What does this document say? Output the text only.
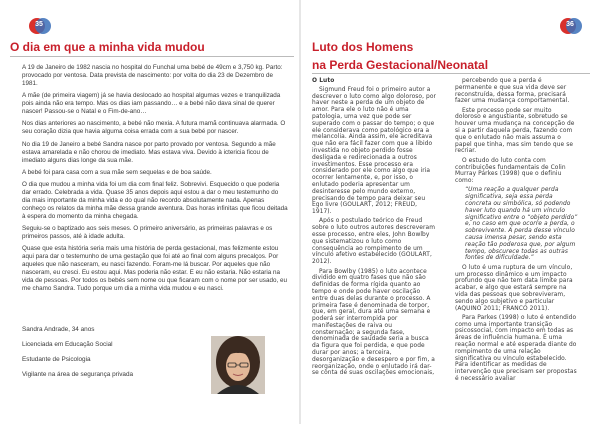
35
O dia em que a minha vida mudou

A 19 de Janeiro de 1982 nascia no hospital do Funchal uma bebé de 49cm e 3,750 kg. Parto: provocado por ventosa. Data prevista de nascimento: por volta do dia 23 de Dezembro de 1981.

A mãe (de primeira viagem) já se havia deslocado ao hospital algumas vezes e tranquilizada pois ainda não era tempo. Mas os dias iam passando… e a bebé não dava sinal de querer nascer! Passou-se o Natal e o Fim-de-ano…

Nos dias anteriores ao nascimento, a bebé não mexia. A futura mamã continuava alarmada. O seu coração dizia que havia alguma coisa errada com a sua bebé por nascer.

No dia 19 de Janeiro a bebé Sandra nasce por parto provado por ventosa. Segundo a mãe estava amarelada e não chorou de imediato. Mas estava viva. Devido à ictericia ficou de imediato alguns dias longe da sua mãe.

A bebé foi para casa com a sua mãe sem sequelas e de boa saúde.

O dia que mudou a minha vida foi um dia com final feliz. Sobrevivi. Esquecido o que poderia dar errado. Celebrada a vida. Quase 35 anos depois aqui estou a dar o meu testemunho do dia mais importante da minha vida e do qual não recordo absolutamente nada. Apenas conheço os relatos da minha mãe dessa grande aventura. Das horas infinitas que ficou deitada à espera do momento da minha chegada.

Seguiu-se o baptizado aos seis meses. O primeiro aniversário, as primeiras palavras e os primeiros passos, até à idade adulta.

Quase que esta história seria mais uma história de perda gestacional, mas felizmente estou aqui para dar o testemunho de uma gestação que foi até ao final com alguns precalços. Por aqueles que não nasceram, eu nasci fazendo. Foram-me lá buscar. Por aqueles que não nasceram, eu cresci. Eu estou aqui. Mas poderia não estar. E eu não estaria. Não estaria na vida de pessoas. Por todos os bebés sem nome ou que ficaram com o nome por ser usado, eu me chamo Sandra. Tudo porque um dia a minha vida mudou e eu nasci.

Sandra Andrade, 34 anos
Licenciada em Educação Social
Estudante de Psicologia
Vigilante na área de segurança privada
36
Luto dos Homens
na Perda Gestacional/Neonatal
O Luto

Sigmund Freud foi o primeiro autor a descrever o luto como algo doloroso, por haver neste a perda de um objeto de amor. Para ele o luto não é uma patologia, uma vez que pode ser superado com o passar do tempo; o que ele considerava como patológico era a melancolia. Ainda assim, ele acreditava que não era fácil fazer com que a libido investida no objeto perdido fosse desligada e redirecionada a outros investimentos. Esse processo era considerado por ele como algo que iria ocorrer lentamente, e, por isso, o enlutado poderia apresentar um desinteresse pelo mundo externo, precisando de tempo para deixar seu Ego livre (GOULART, 2012; FREUD, 1917).

Após o postulado teórico de Freud sobre o luto outros autores descreveram esse processo, entre eles, John Bowlby que sistematizou o luto como consequência ao rompimento de um vínculo afetivo estabelecido (GOULART, 2012).

Para Bowlby (1985) o luto acontece dividido em quatro fases que não são definidas de forma rígida quanto ao tempo e onde pode haver oscilação entre duas delas durante o processo. A primeira fase é denominada de torpor, que, em geral, dura até uma semana e poderá ser interrompida por manifestações de raiva ou consternação; a segunda fase, denominada de saudade seria a busca da figura que foi perdida, e que pode durar por anos; a terceira, desorganização e desespero e por fim, a reorganização, onde o enlutado irá dar-se conta de suas oscilações emocionais,

percebendo que a perda é permanente e que sua vida deve ser reconstruída, dessa forma, precisará fazer uma mudança comportamental.

Este processo pode ser muito doloroso e angustiante, sobretudo se houver uma mudança na concepção de si a partir daquela perda, fazendo com que o enlutado não mais assuma o papel que tinha, mas sim tendo que se recriar.

O estudo do luto conta com contribuições fundamentais de Colin Murray Parkes (1998) que o definiu como:

“Uma reação a qualquer perda significativa, seja essa perda concreta ou simbólica, só podendo haver luto quando há um vínculo significativo entre o “objeto perdido” e, no caso em que ocorre a perda, o sobrevivente. A perda desse vínculo causa imensa pesar, sendo esta reação tão poderosa que, por algum tempo, obscurece todas as outras fontes de dificuldade.”

O luto é uma ruptura de um vínculo, um processo dinâmico e um impacto profundo que não tem data limite para acabar, e algo que estará sempre na vida das pessoas que sobreviveram, sendo algo subjetivo e particular (AQUINO 2011; FRANCO 2011).

Para Parkes (1998) o luto é entendido como uma importante transição psicossocial, com impacto em todas as áreas de influência humana. É uma reação normal e até esperada diante do rompimento de uma relação significativa ou vínculo estabelecido. Para identificar as medidas de intervenção que precisam ser propostas é necessário avaliar
